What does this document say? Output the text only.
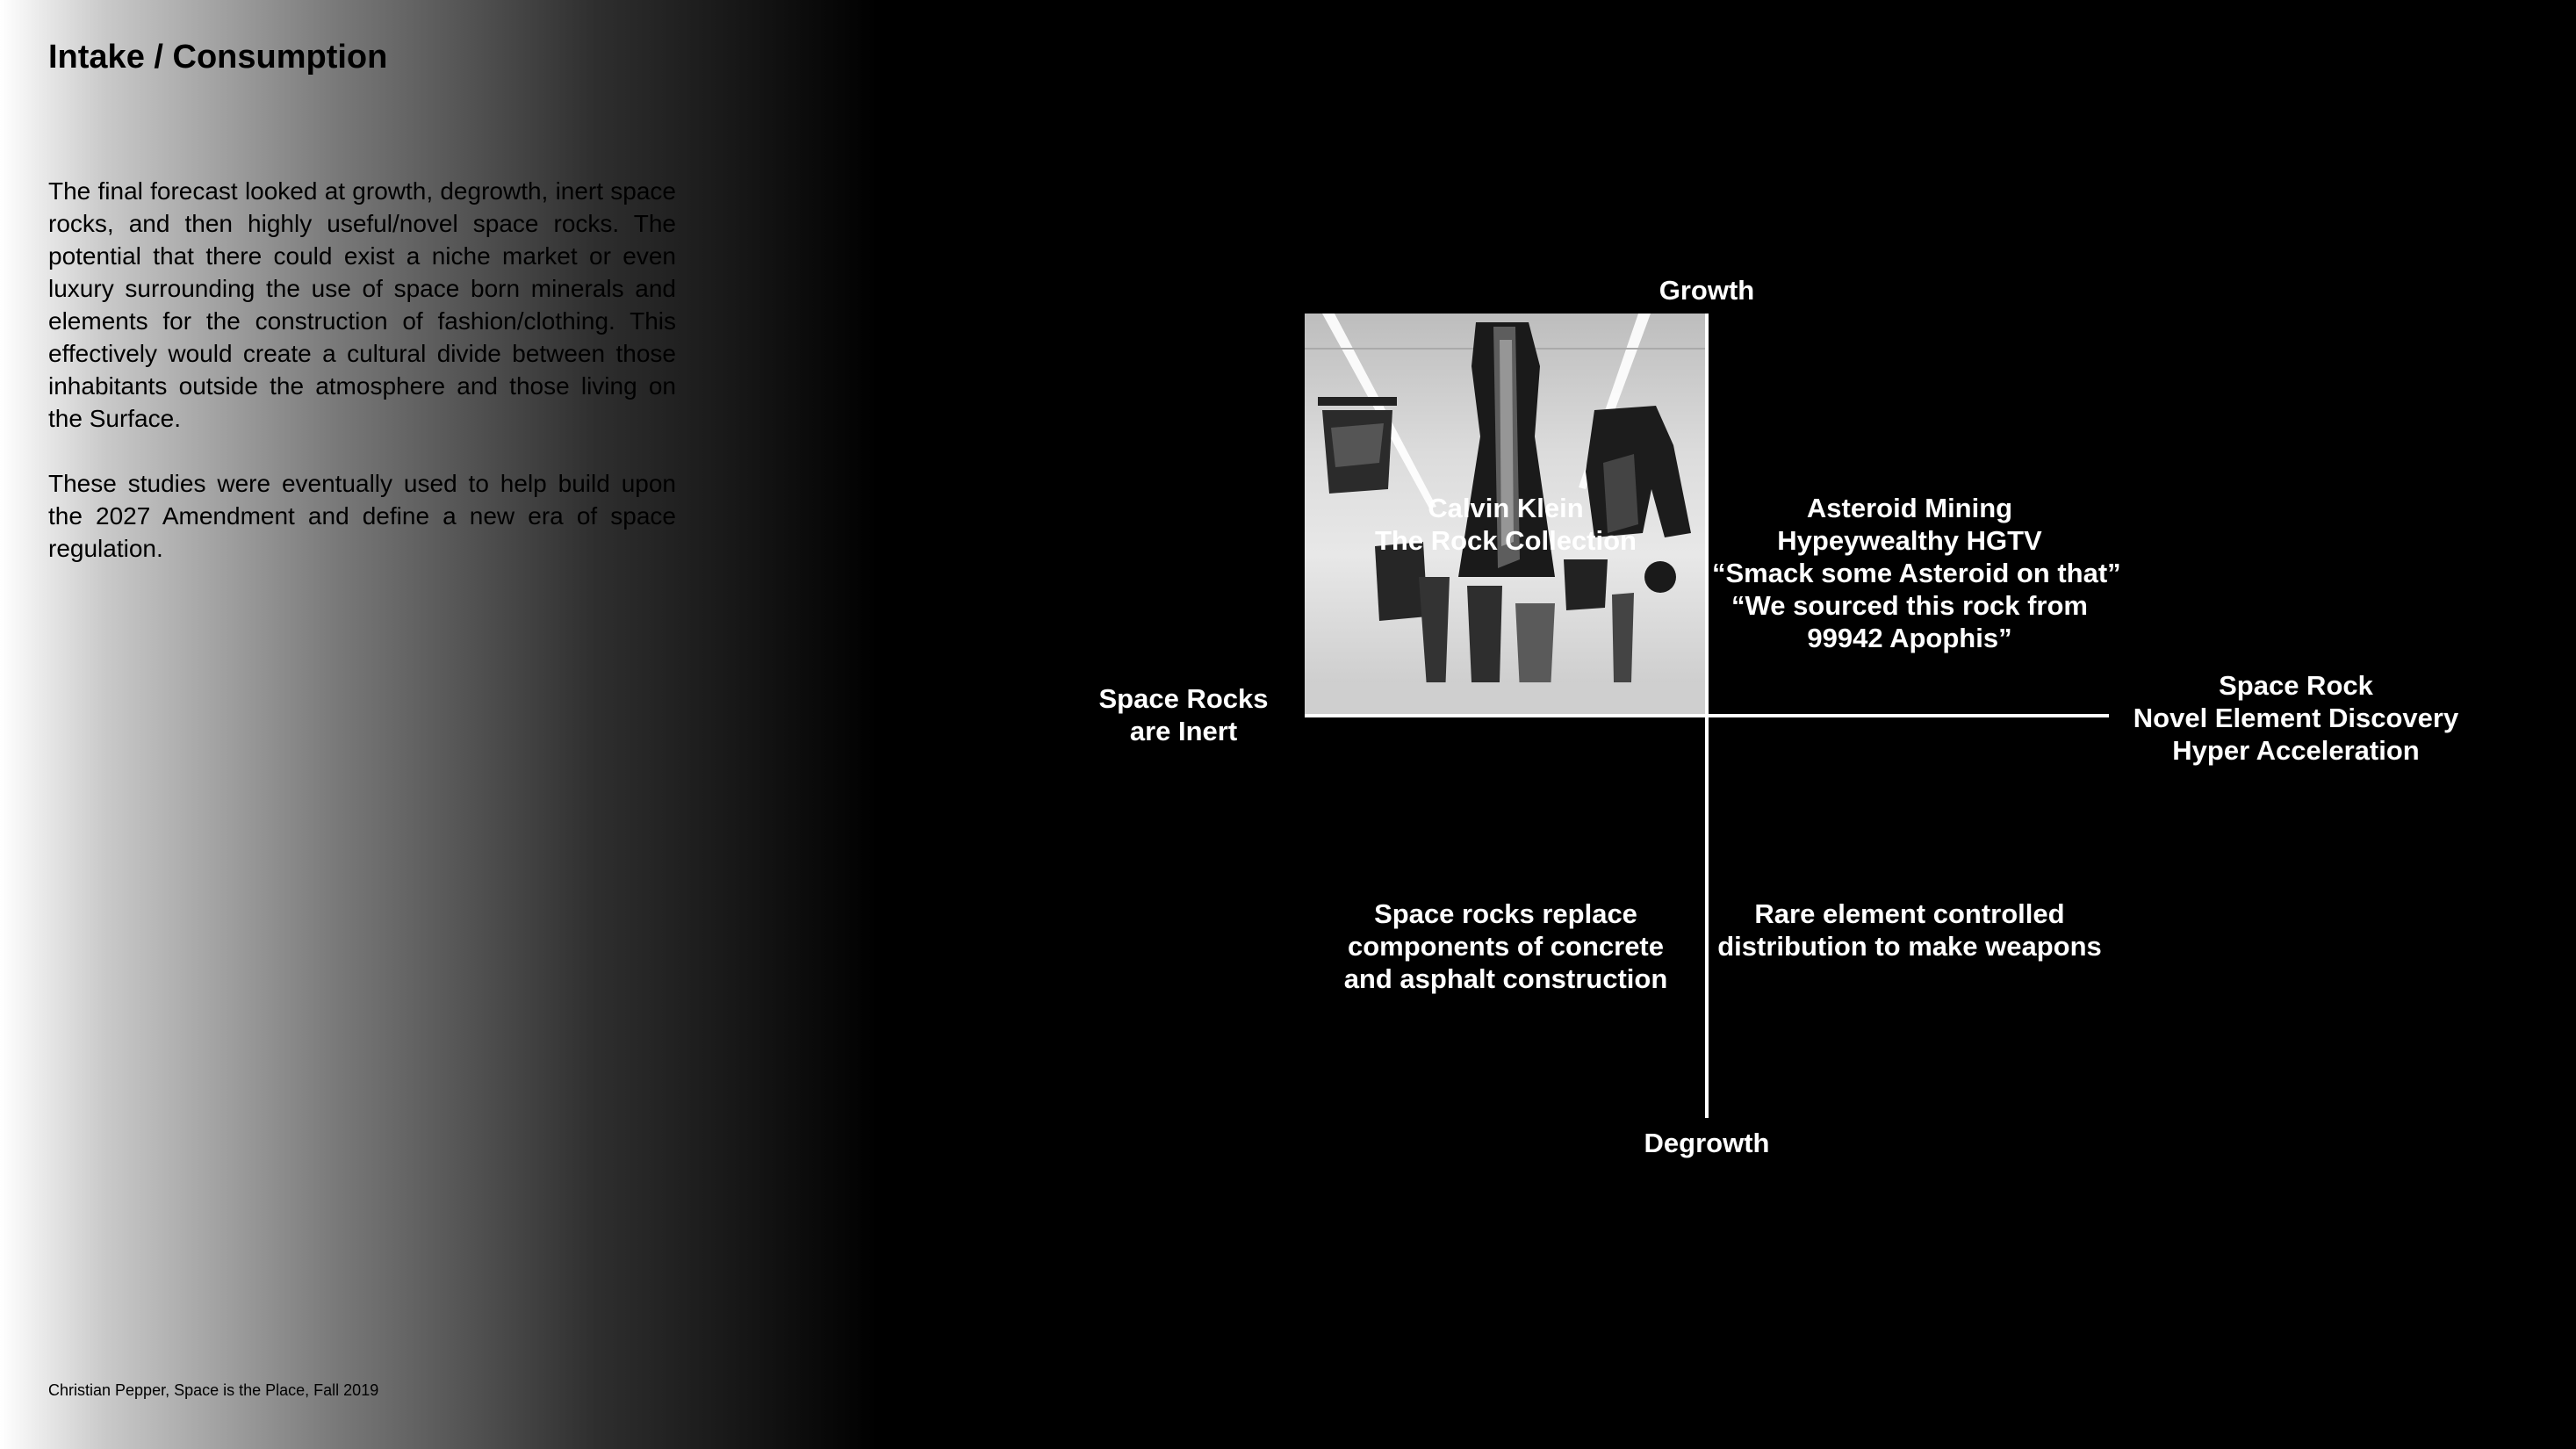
Intake / Consumption

The final forecast looked at growth, degrowth, inert space rocks, and then highly useful/novel space rocks. The potential that there could exist a niche market or even luxury surrounding the use of space born minerals and elements for the construction of fashion/clothing. This effectively would create a cultural divide between those inhabitants outside the atmosphere and those living on the Surface.

These studies were eventually used to help build upon the 2027 Amendment and define a new era of space regulation.

Christian Pepper, Space is the Place, Fall 2019
Growth
Degrowth
Space Rocks
are Inert
Space Rock
Novel Element Discovery
Hyper Acceleration
Calvin Klein
The Rock Collection
Asteroid Mining
Hypeywealthy HGTV
“Smack some Asteroid on that”
“We sourced this rock from
99942 Apophis”
Space rocks replace
components of concrete
and asphalt construction
Rare element controlled
distribution to make weapons
